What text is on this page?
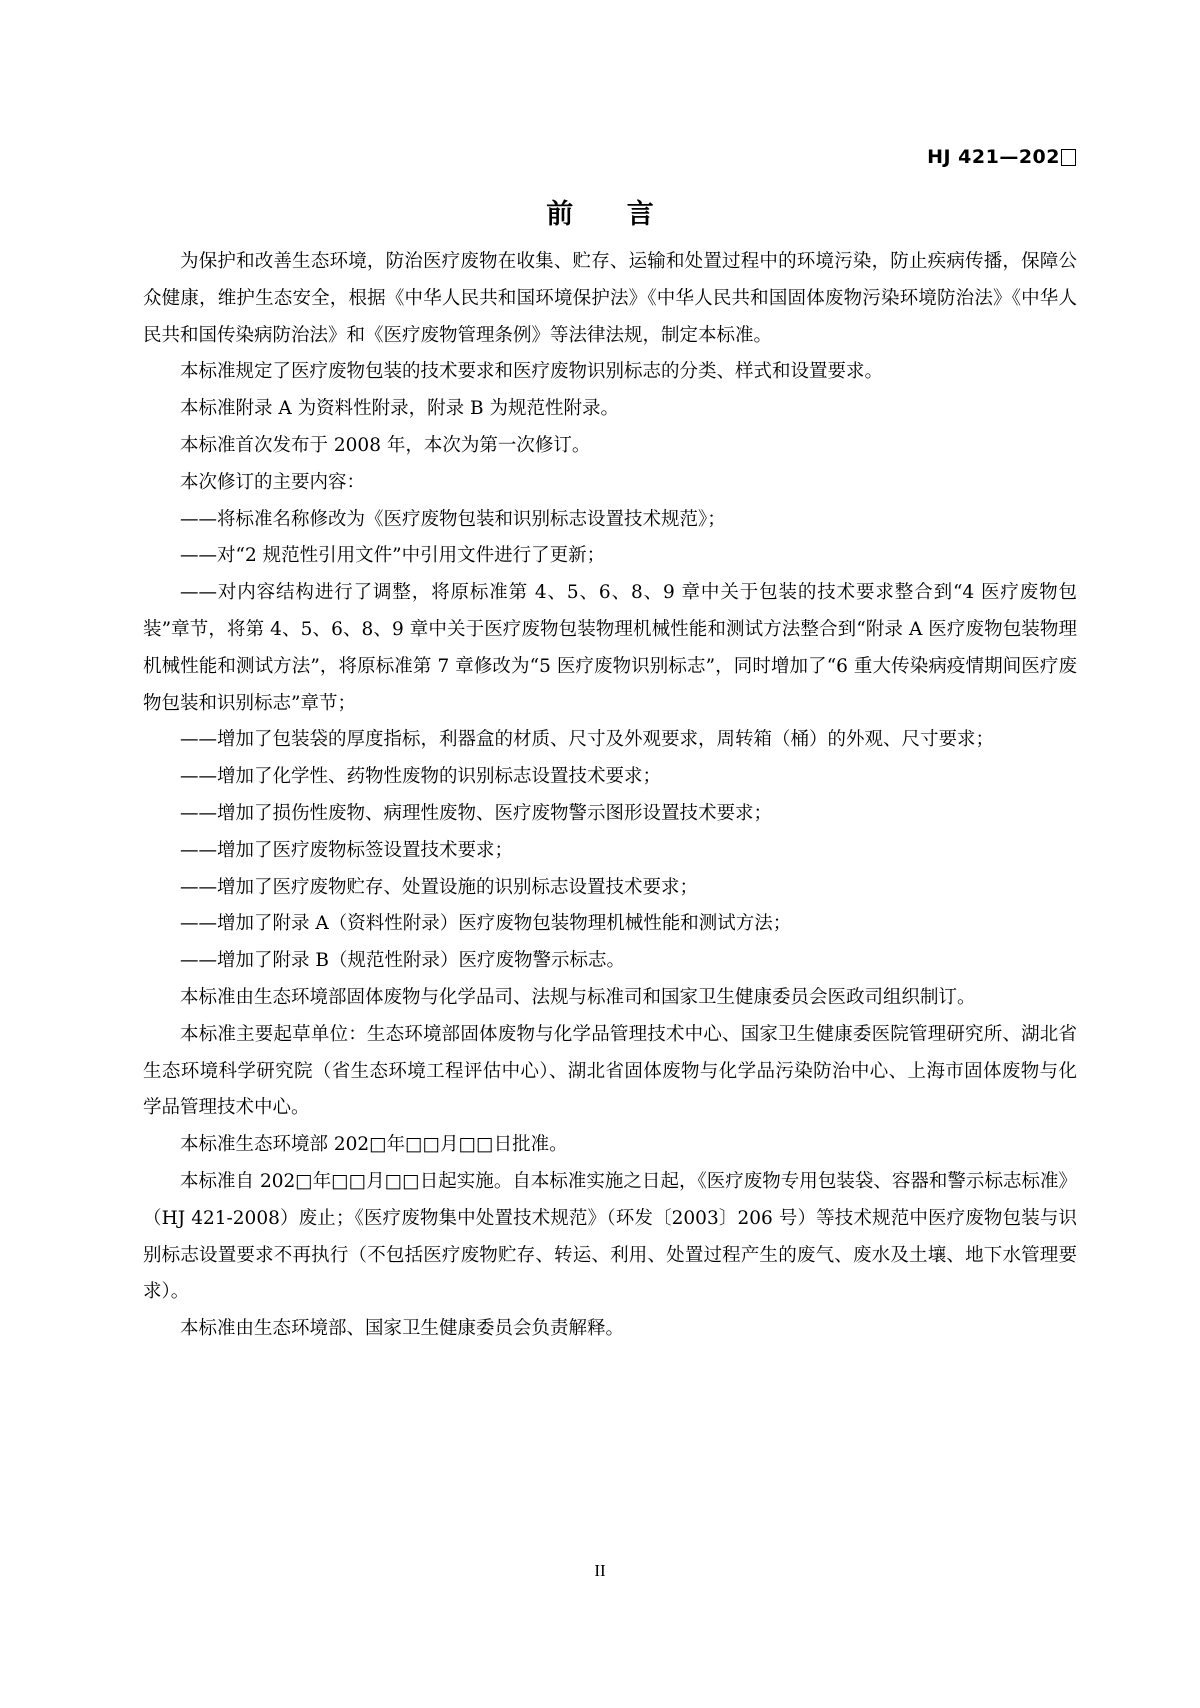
HJ 421—202
前 言

为保护和改善生态环境，防治医疗废物在收集、贮存、运输和处置过程中的环境污染，防止疾病传播，保障公众健康，维护生态安全，根据《中华人民共和国环境保护法》《中华人民共和国固体废物污染环境防治法》《中华人民共和国传染病防治法》和《医疗废物管理条例》等法律法规，制定本标准。

本标准规定了医疗废物包装的技术要求和医疗废物识别标志的分类、样式和设置要求。

本标准附录 A 为资料性附录，附录 B 为规范性附录。

本标准首次发布于 2008 年，本次为第一次修订。

本次修订的主要内容：

——将标准名称修改为《医疗废物包装和识别标志设置技术规范》；

——对“2 规范性引用文件”中引用文件进行了更新；

——对内容结构进行了调整，将原标准第 4、5、6、8、9 章中关于包装的技术要求整合到“4 医疗废物包装”章节，将第 4、5、6、8、9 章中关于医疗废物包装物理机械性能和测试方法整合到“附录 A 医疗废物包装物理机械性能和测试方法”，将原标准第 7 章修改为“5 医疗废物识别标志”，同时增加了“6 重大传染病疫情期间医疗废物包装和识别标志”章节；

——增加了包装袋的厚度指标，利器盒的材质、尺寸及外观要求，周转箱（桶）的外观、尺寸要求；

——增加了化学性、药物性废物的识别标志设置技术要求；

——增加了损伤性废物、病理性废物、医疗废物警示图形设置技术要求；

——增加了医疗废物标签设置技术要求；

——增加了医疗废物贮存、处置设施的识别标志设置技术要求；

——增加了附录 A（资料性附录）医疗废物包装物理机械性能和测试方法；

——增加了附录 B（规范性附录）医疗废物警示标志。

本标准由生态环境部固体废物与化学品司、法规与标准司和国家卫生健康委员会医政司组织制订。

本标准主要起草单位：生态环境部固体废物与化学品管理技术中心、国家卫生健康委医院管理研究所、湖北省生态环境科学研究院（省生态环境工程评估中心）、湖北省固体废物与化学品污染防治中心、上海市固体废物与化学品管理技术中心。

本标准生态环境部 202□年□□月□□日批准。

本标准自 202□年□□月□□日起实施。自本标准实施之日起，《医疗废物专用包装袋、容器和警示标志标准》（HJ 421-2008）废止；《医疗废物集中处置技术规范》（环发〔2003〕206 号）等技术规范中医疗废物包装与识别标志设置要求不再执行（不包括医疗废物贮存、转运、利用、处置过程产生的废气、废水及土壤、地下水管理要求）。

本标准由生态环境部、国家卫生健康委员会负责解释。

II
